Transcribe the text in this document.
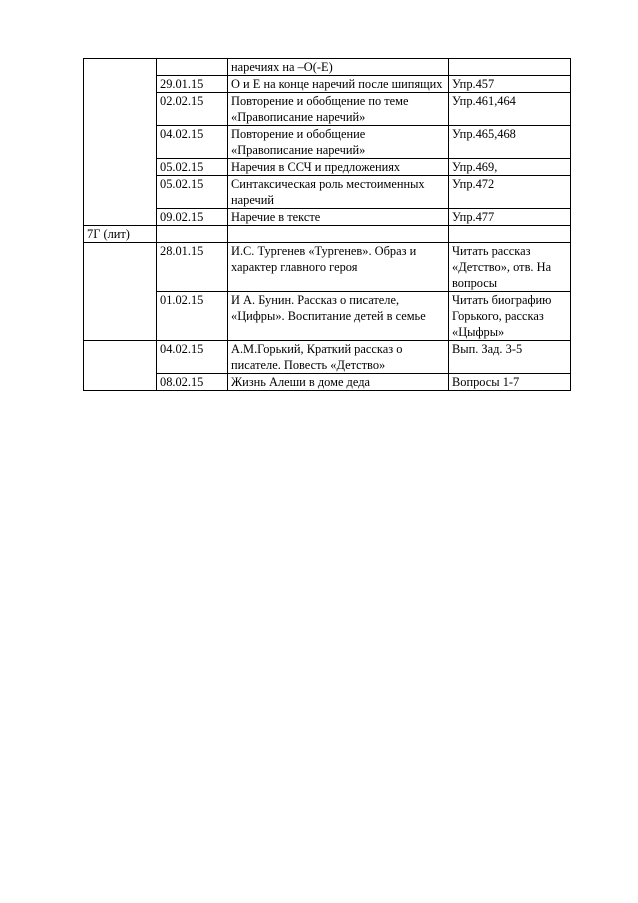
		наречиях на –О(-Е)	
	29.01.15	О и Е на конце наречий после шипящих	Упр.457
	02.02.15	Повторение и обобщение по теме «Правописание наречий»	Упр.461,464
	04.02.15	Повторение и обобщение «Правописание наречий»	Упр.465,468
	05.02.15	Наречия в ССЧ и предложениях	Упр.469,
	05.02.15	Синтаксическая роль местоименных наречий	Упр.472
	09.02.15	Наречие в тексте	Упр.477
7Г (лит)			
	28.01.15	И.С. Тургенев «Тургенев». Образ и характер главного героя	Читать рассказ «Детство», отв. На вопросы
	01.02.15	И А. Бунин. Рассказ о писателе, «Цифры». Воспитание детей в семье	Читать биографию Горького, рассказ «Цыфры»
	04.02.15	А.М.Горький, Краткий рассказ о писателе. Повесть «Детство»	Вып. Зад. 3-5
	08.02.15	Жизнь Алеши в доме деда	Вопросы 1-7
